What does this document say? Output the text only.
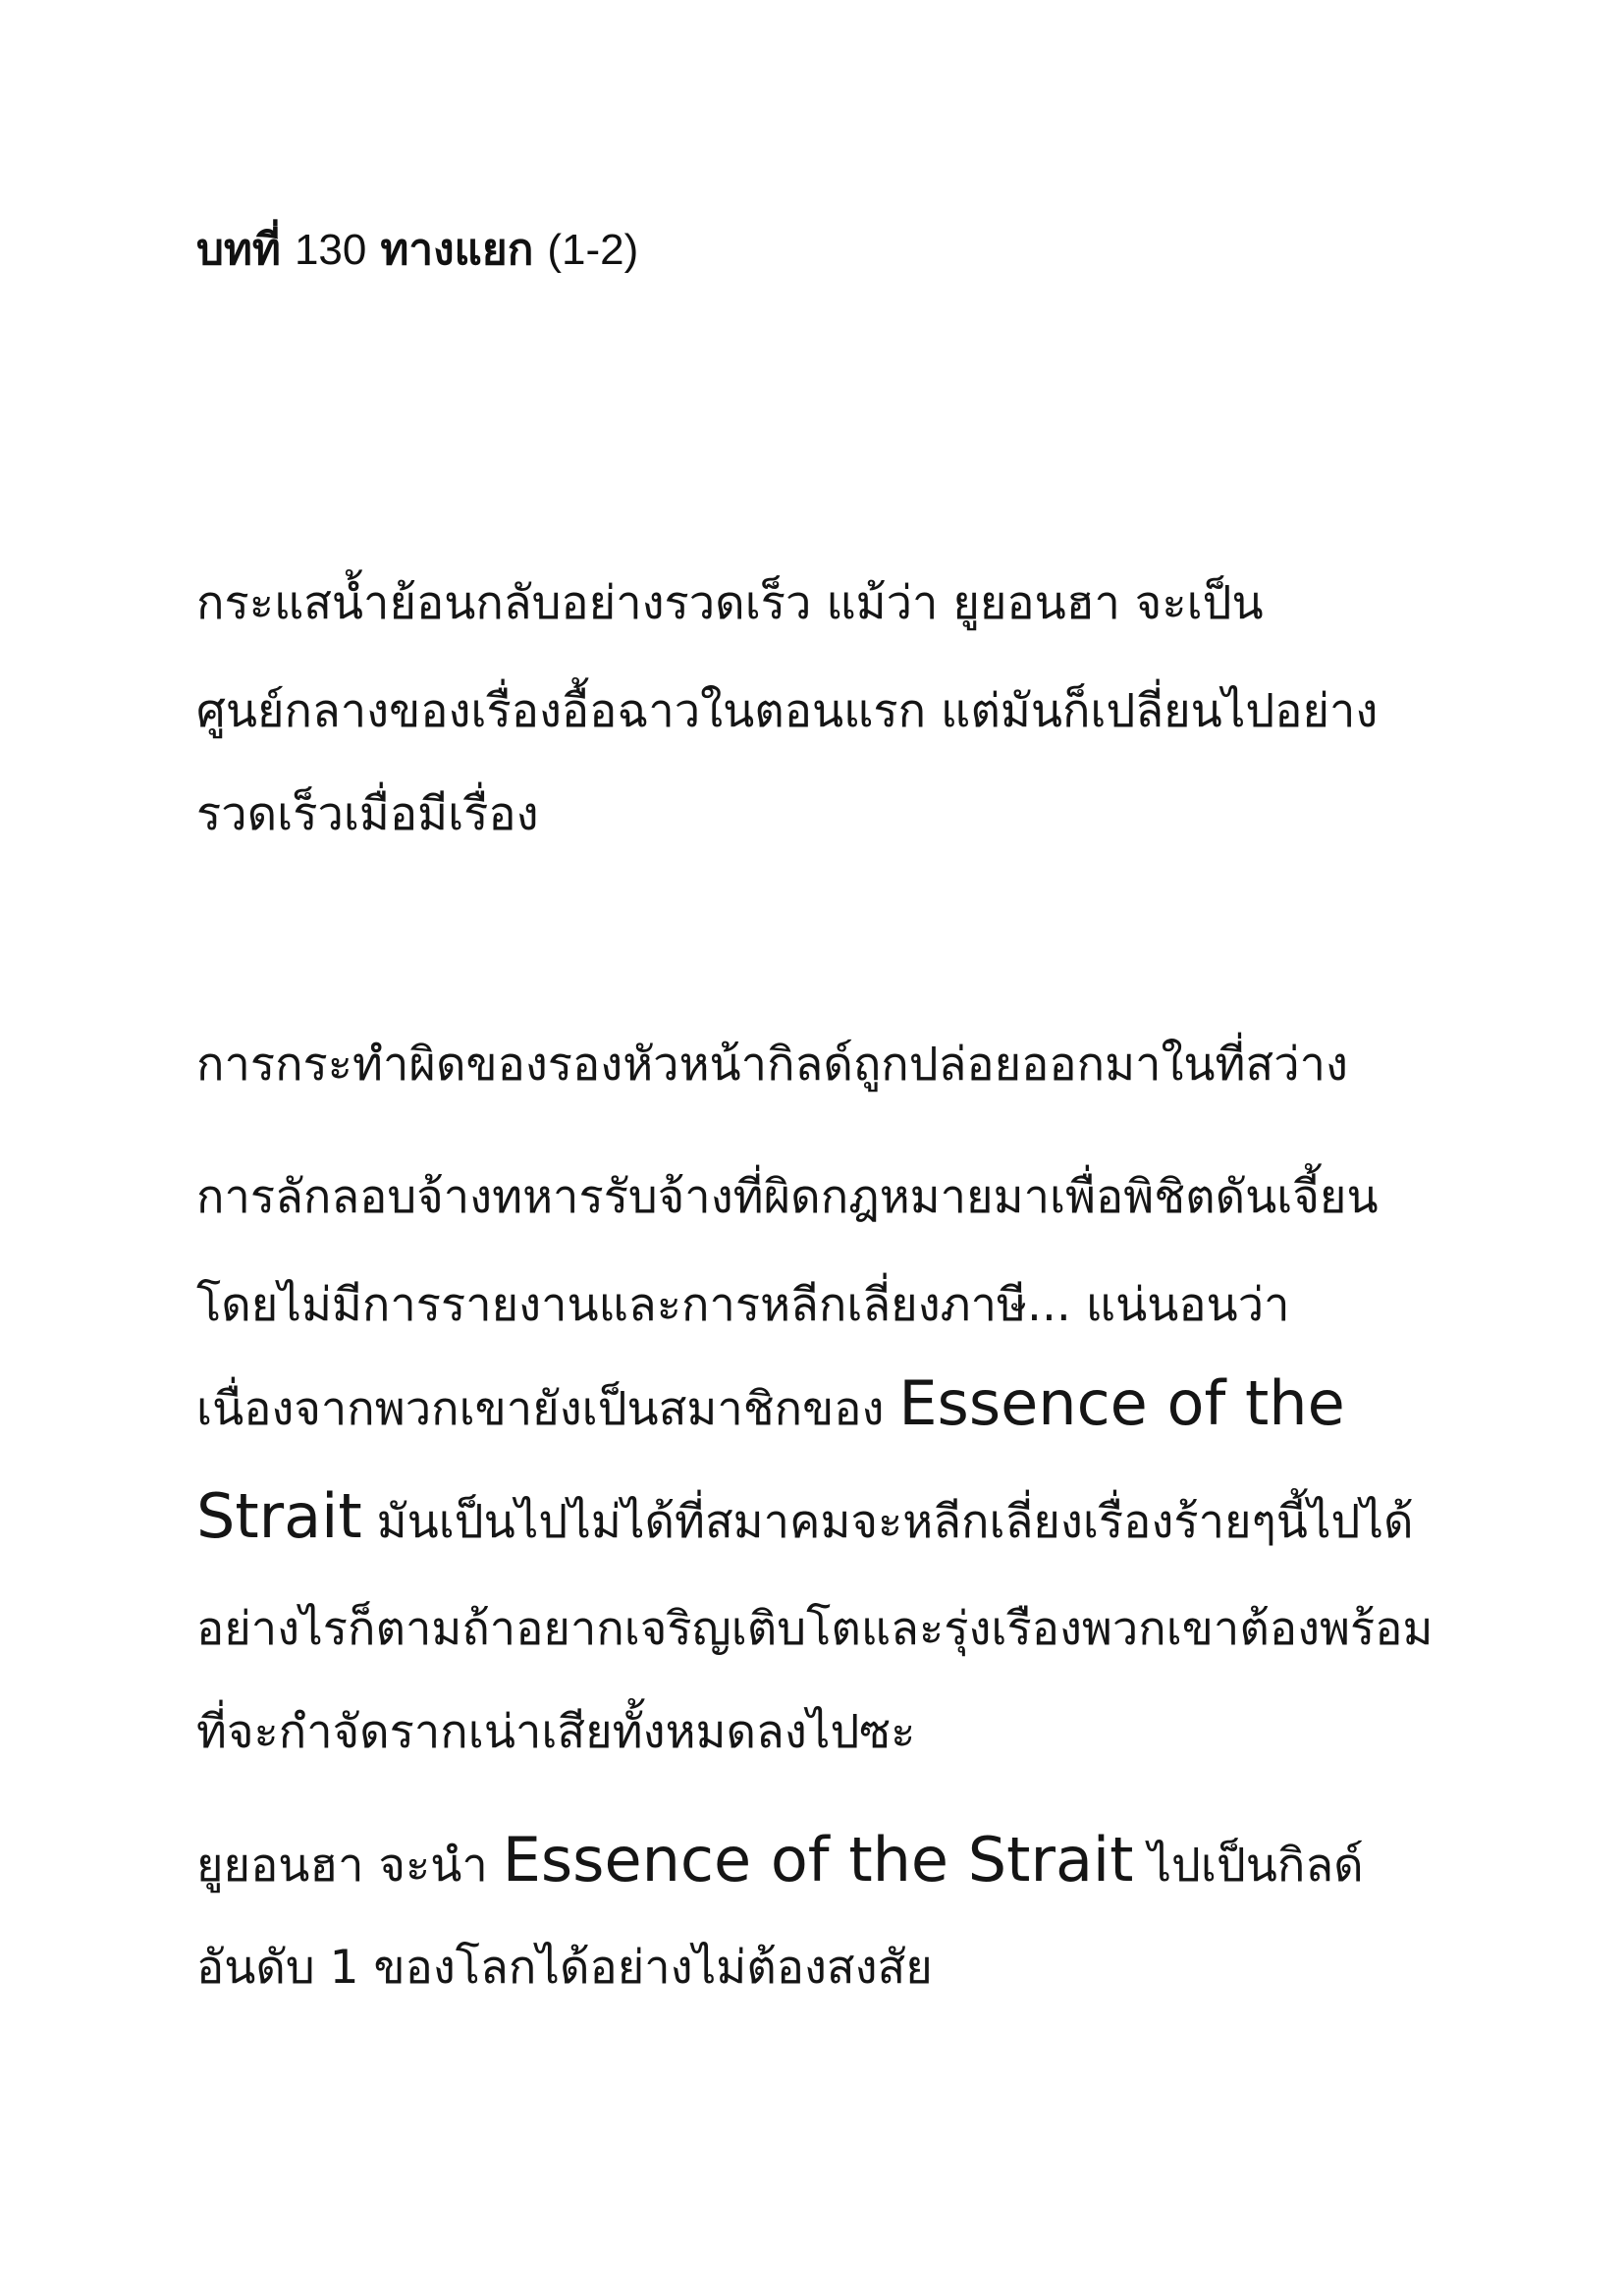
บทที่ 130 ทางแยก (1-2)
กระแสน้ำย้อนกลับอย่างรวดเร็ว แม้ว่า ยูยอนฮา จะเป็น
ศูนย์กลางของเรื่องอื้อฉาวในตอนแรก แต่มันก็เปลี่ยนไปอย่าง
รวดเร็วเมื่อมีเรื่อง
การกระทำผิดของรองหัวหน้ากิลด์ถูกปล่อยออกมาในที่สว่าง
การลักลอบจ้างทหารรับจ้างที่ผิดกฎหมายมาเพื่อพิชิตดันเจี้ยน
โดยไม่มีการรายงานและการหลีกเลี่ยงภาษี... แน่นอนว่า
เนื่องจากพวกเขายังเป็นสมาชิกของ Essence of the
Strait มันเป็นไปไม่ได้ที่สมาคมจะหลีกเลี่ยงเรื่องร้ายๆนี้ไปได้
อย่างไรก็ตามถ้าอยากเจริญเติบโตและรุ่งเรืองพวกเขาต้องพร้อม
ที่จะกำจัดรากเน่าเสียทั้งหมดลงไปซะ
ยูยอนฮา จะนำ Essence of the Strait ไปเป็นกิลด์
อันดับ 1 ของโลกได้อย่างไม่ต้องสงสัย
